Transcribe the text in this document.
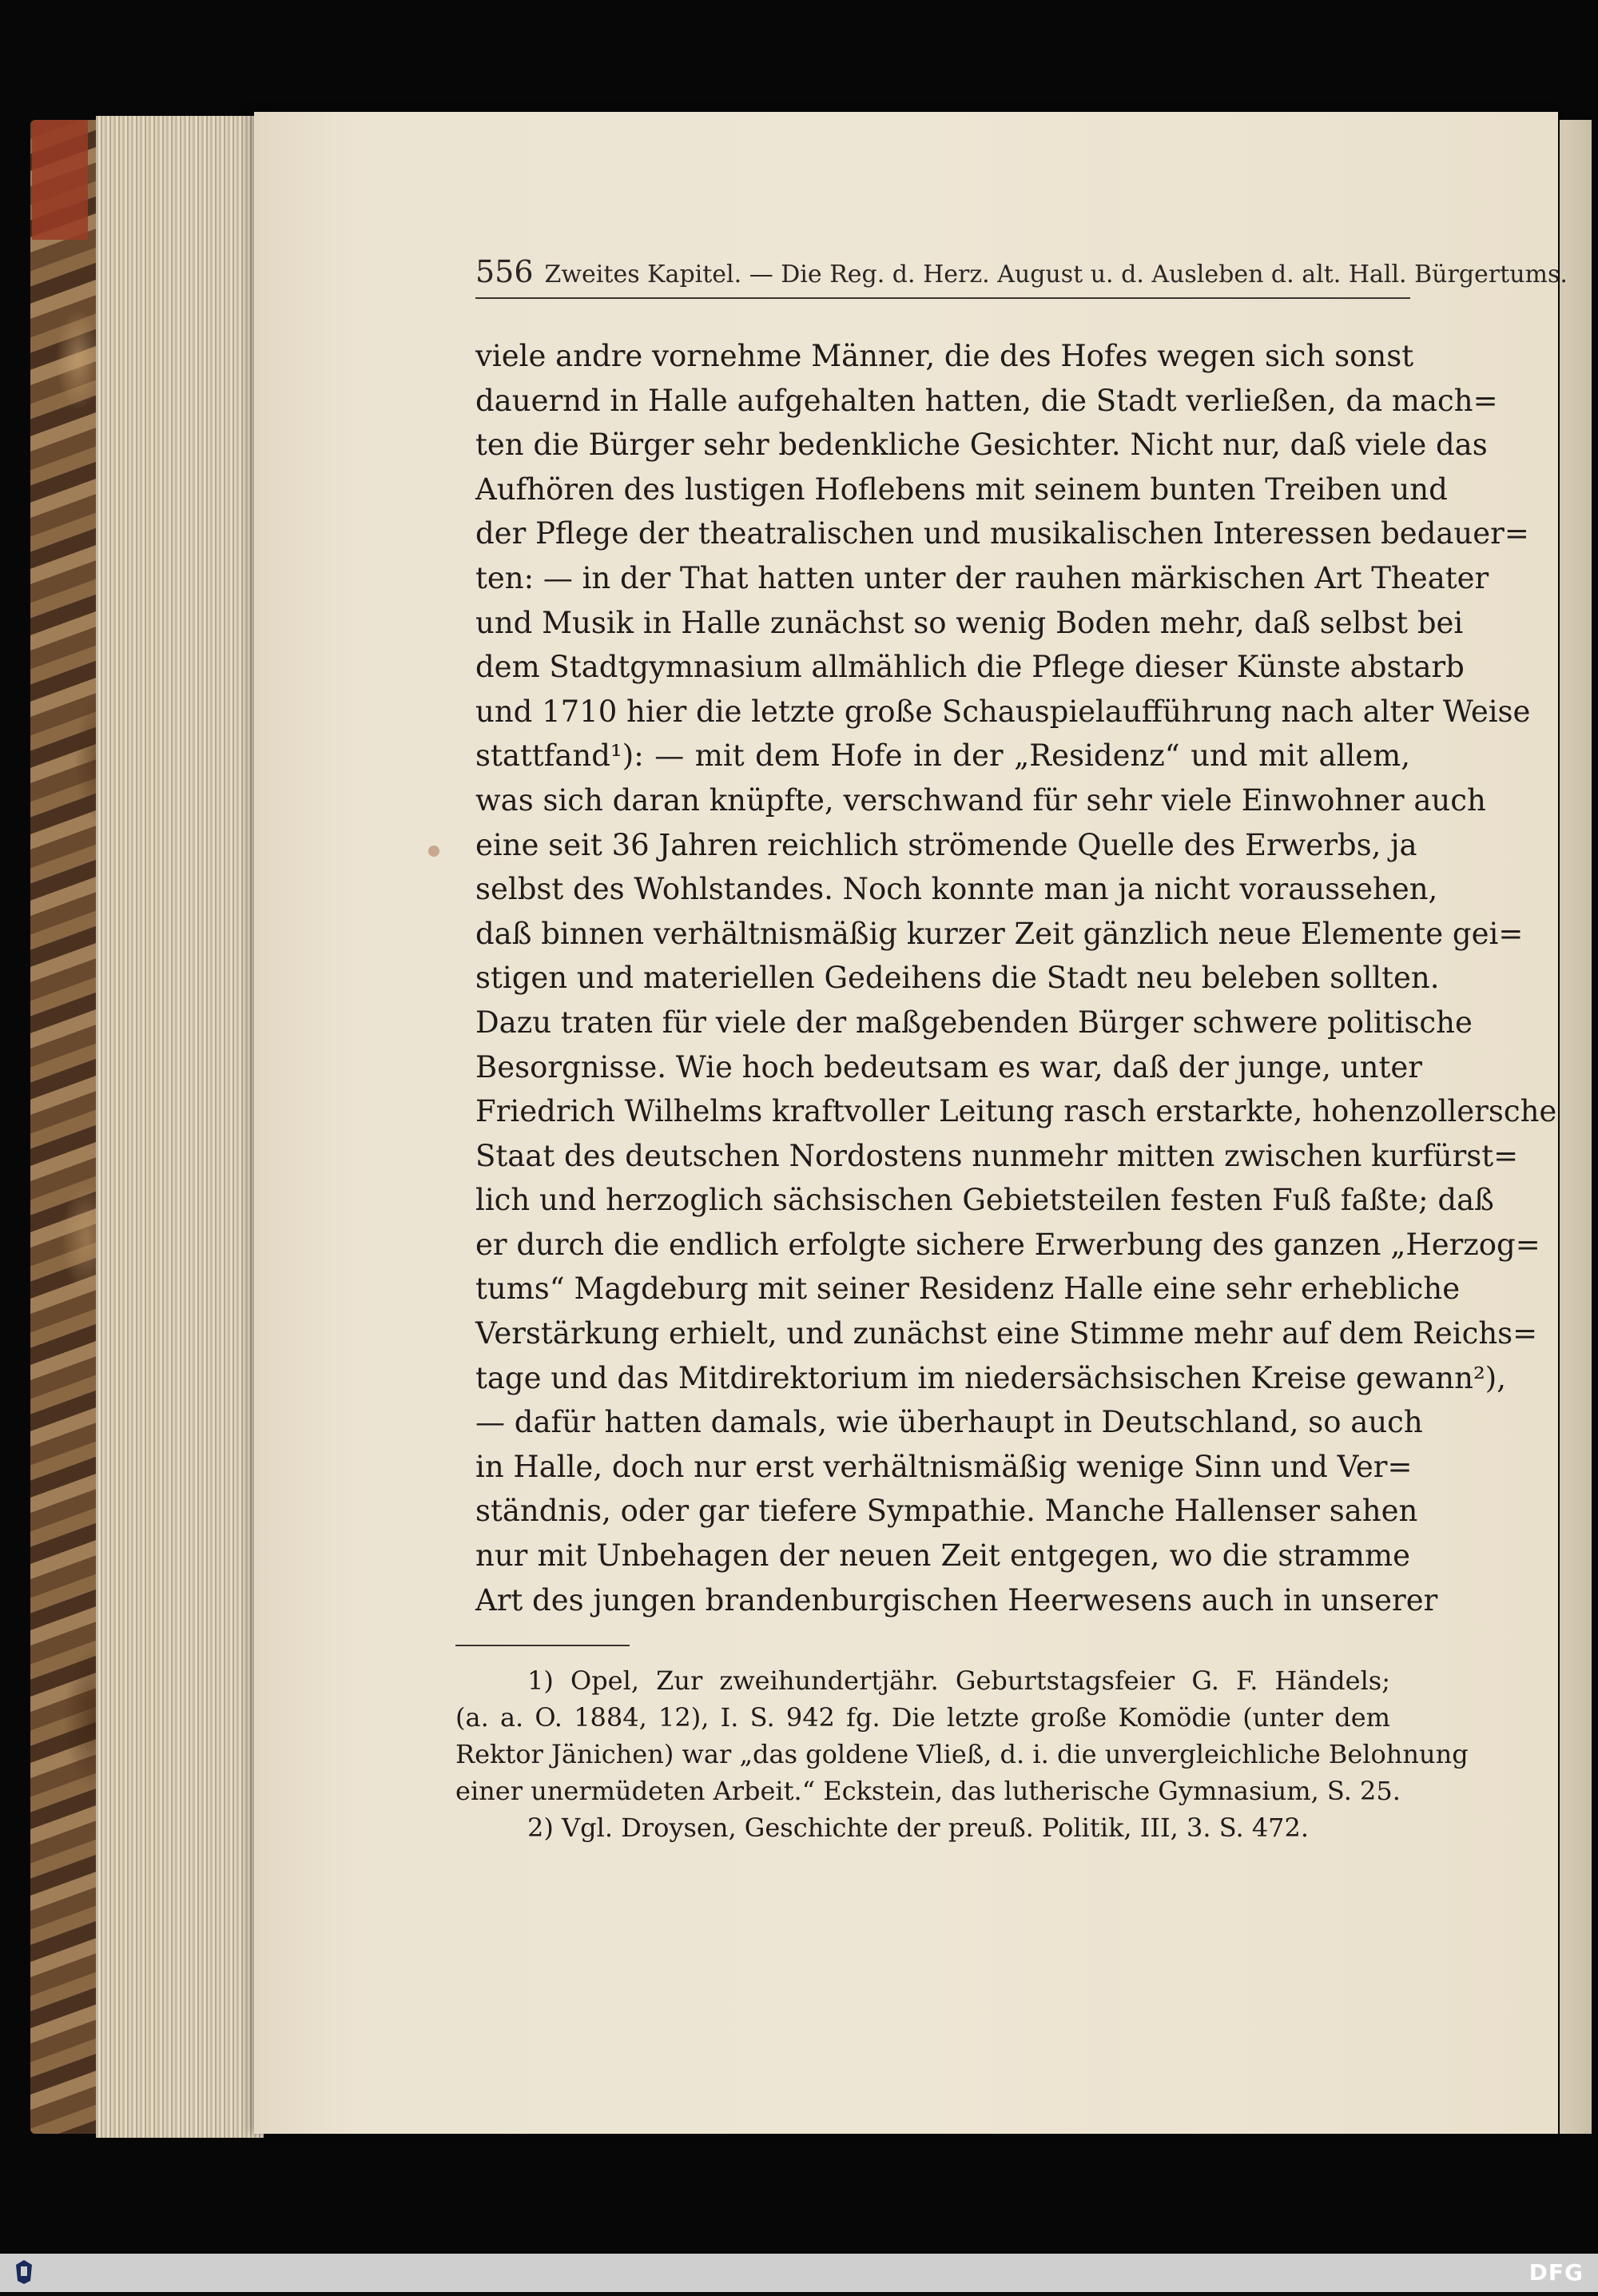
556 Zweites Kapitel. — Die Reg. d. Herz. August u. d. Ausleben d. alt. Hall. Bürgertums.
viele andre vornehme Männer, die des Hofes wegen sich sonst
dauernd in Halle aufgehalten hatten, die Stadt verließen, da mach=
ten die Bürger sehr bedenkliche Gesichter. Nicht nur, daß viele das
Aufhören des lustigen Hoflebens mit seinem bunten Treiben und
der Pflege der theatralischen und musikalischen Interessen bedauer=
ten: — in der That hatten unter der rauhen märkischen Art Theater
und Musik in Halle zunächst so wenig Boden mehr, daß selbst bei
dem Stadtgymnasium allmählich die Pflege dieser Künste abstarb
und 1710 hier die letzte große Schauspielaufführung nach alter Weise
stattfand¹): — mit dem Hofe in der „Residenz“ und mit allem,
was sich daran knüpfte, verschwand für sehr viele Einwohner auch
eine seit 36 Jahren reichlich strömende Quelle des Erwerbs, ja
selbst des Wohlstandes. Noch konnte man ja nicht voraussehen,
daß binnen verhältnismäßig kurzer Zeit gänzlich neue Elemente gei=
stigen und materiellen Gedeihens die Stadt neu beleben sollten.
Dazu traten für viele der maßgebenden Bürger schwere politische
Besorgnisse. Wie hoch bedeutsam es war, daß der junge, unter
Friedrich Wilhelms kraftvoller Leitung rasch erstarkte, hohenzollersche
Staat des deutschen Nordostens nunmehr mitten zwischen kurfürst=
lich und herzoglich sächsischen Gebietsteilen festen Fuß faßte; daß
er durch die endlich erfolgte sichere Erwerbung des ganzen „Herzog=
tums“ Magdeburg mit seiner Residenz Halle eine sehr erhebliche
Verstärkung erhielt, und zunächst eine Stimme mehr auf dem Reichs=
tage und das Mitdirektorium im niedersächsischen Kreise gewann²),
— dafür hatten damals, wie überhaupt in Deutschland, so auch
in Halle, doch nur erst verhältnismäßig wenige Sinn und Ver=
ständnis, oder gar tiefere Sympathie. Manche Hallenser sahen
nur mit Unbehagen der neuen Zeit entgegen, wo die stramme
Art des jungen brandenburgischen Heerwesens auch in unserer
1) Opel, Zur zweihundertjähr. Geburtstagsfeier G. F. Händels;
(a. a. O. 1884, 12), I. S. 942 fg. Die letzte große Komödie (unter dem
Rektor Jänichen) war „das goldene Vließ, d. i. die unvergleichliche Belohnung
einer unermüdeten Arbeit.“ Eckstein, das lutherische Gymnasium, S. 25.
2) Vgl. Droysen, Geschichte der preuß. Politik, III, 3. S. 472.
DFG
